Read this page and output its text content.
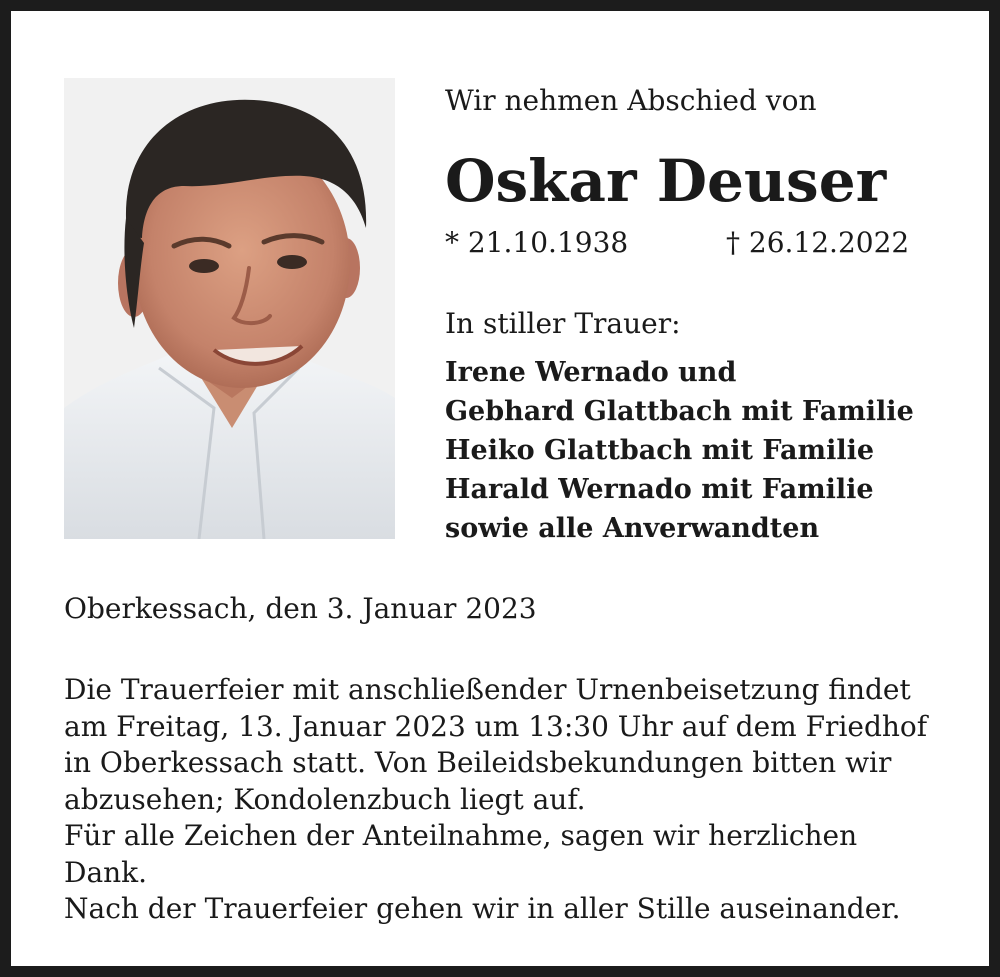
Wir nehmen Abschied von
Oskar Deuser
* 21.10.1938	† 26.12.2022
In stiller Trauer:
Irene Wernado und
Gebhard Glattbach mit Familie
Heiko Glattbach mit Familie
Harald Wernado mit Familie
sowie alle Anverwandten
Oberkessach, den 3. Januar 2023
Die Trauerfeier mit anschließender Urnenbeisetzung findet
am Freitag, 13. Januar 2023 um 13:30 Uhr auf dem Friedhof
in Oberkessach statt. Von Beileidsbekundungen bitten wir
abzusehen; Kondolenzbuch liegt auf.
Für alle Zeichen der Anteilnahme, sagen wir herzlichen
Dank.
Nach der Trauerfeier gehen wir in aller Stille auseinander.
